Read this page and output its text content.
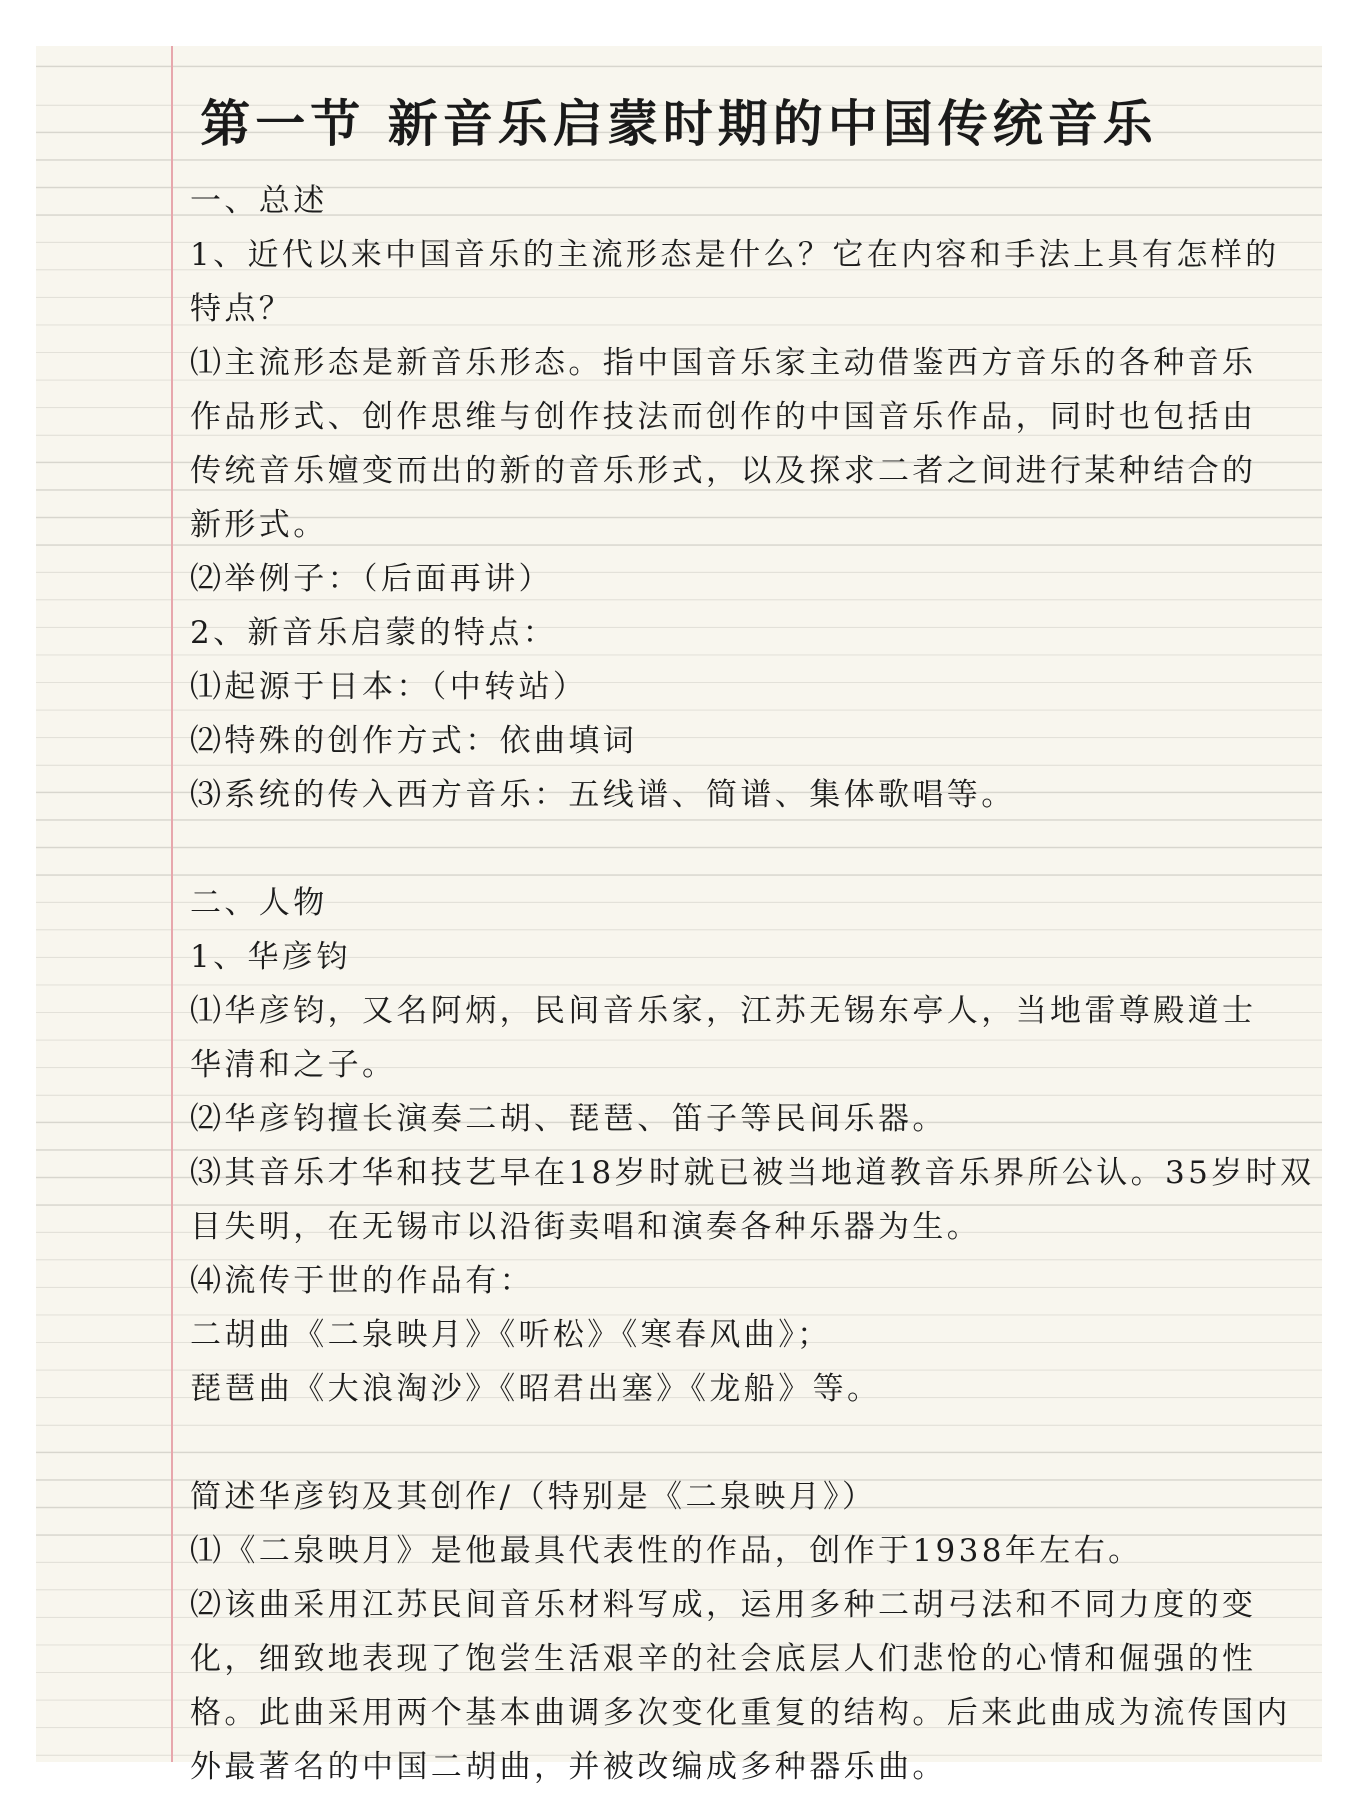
第一节 新音乐启蒙时期的中国传统音乐
一、总述
1、近代以来中国音乐的主流形态是什么？它在内容和手法上具有怎样的
特点？
⑴主流形态是新音乐形态。指中国音乐家主动借鉴西方音乐的各种音乐
作品形式、创作思维与创作技法而创作的中国音乐作品，同时也包括由
传统音乐嬗变而出的新的音乐形式，以及探求二者之间进行某种结合的
新形式。
⑵举例子：（后面再讲）
2、新音乐启蒙的特点：
⑴起源于日本：（中转站）
⑵特殊的创作方式：依曲填词
⑶系统的传入西方音乐：五线谱、简谱、集体歌唱等。
二、人物
1、华彦钧
⑴华彦钧，又名阿炳，民间音乐家，江苏无锡东亭人，当地雷尊殿道士
华清和之子。
⑵华彦钧擅长演奏二胡、琵琶、笛子等民间乐器。
⑶其音乐才华和技艺早在18岁时就已被当地道教音乐界所公认。35岁时双
目失明，在无锡市以沿街卖唱和演奏各种乐器为生。
⑷流传于世的作品有：
二胡曲《二泉映月》《听松》《寒春风曲》；
琵琶曲《大浪淘沙》《昭君出塞》《龙船》等。
简述华彦钧及其创作/（特别是《二泉映月》）
⑴《二泉映月》是他最具代表性的作品，创作于1938年左右。
⑵该曲采用江苏民间音乐材料写成，运用多种二胡弓法和不同力度的变
化，细致地表现了饱尝生活艰辛的社会底层人们悲怆的心情和倔强的性
格。此曲采用两个基本曲调多次变化重复的结构。后来此曲成为流传国内
外最著名的中国二胡曲，并被改编成多种器乐曲。
